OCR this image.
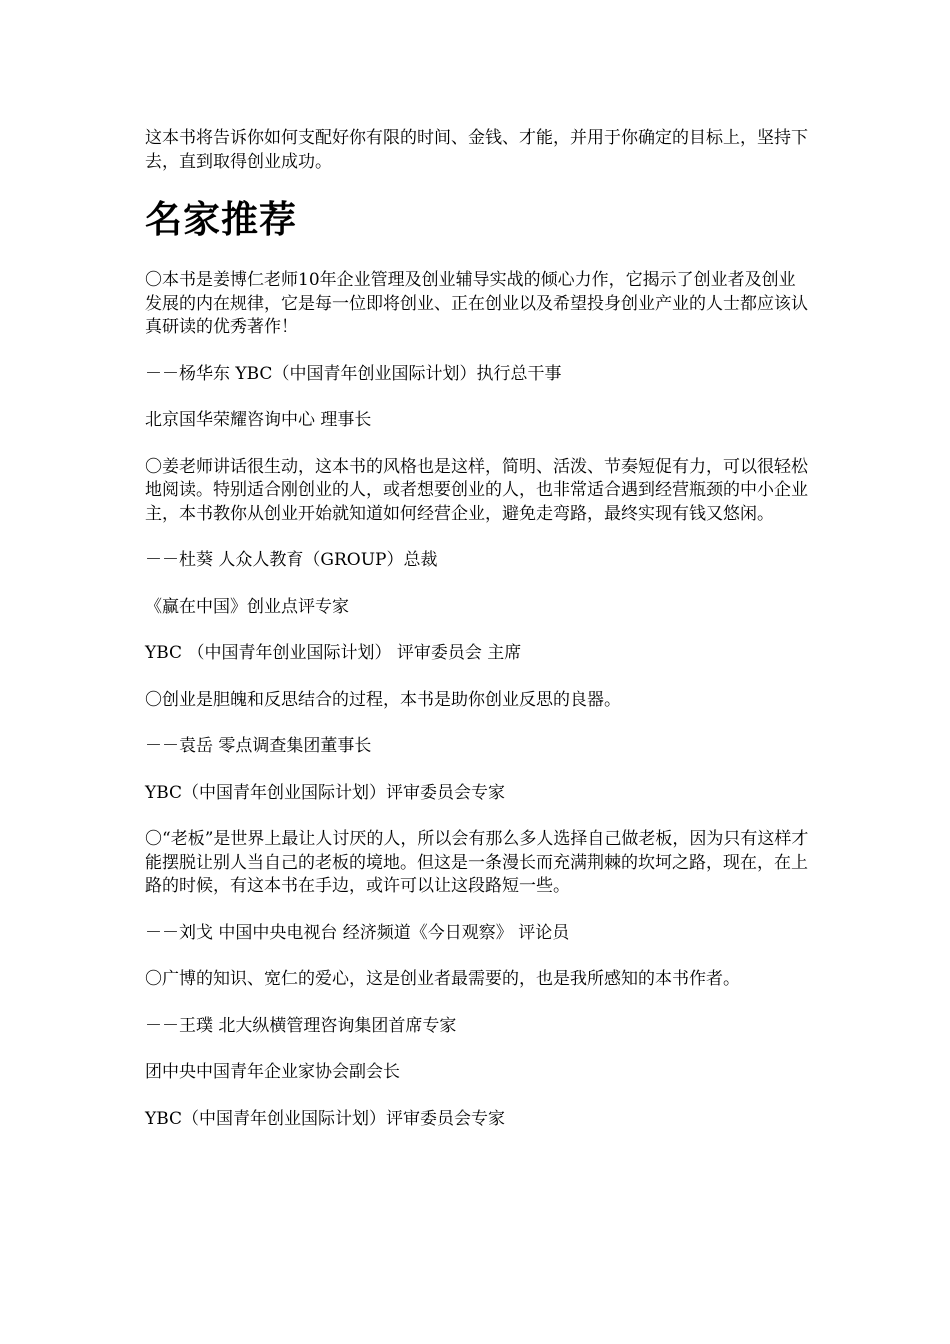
这本书将告诉你如何支配好你有限的时间、金钱、才能，并用于你确定的目标上，坚持下去，直到取得创业成功。

名家推荐

〇本书是姜博仁老师10年企业管理及创业辅导实战的倾心力作，它揭示了创业者及创业发展的内在规律，它是每一位即将创业、正在创业以及希望投身创业产业的人士都应该认真研读的优秀著作！

－－杨华东 YBC（中国青年创业国际计划）执行总干事

北京国华荣耀咨询中心 理事长

〇姜老师讲话很生动，这本书的风格也是这样，简明、活泼、节奏短促有力，可以很轻松地阅读。特别适合刚创业的人，或者想要创业的人，也非常适合遇到经营瓶颈的中小企业主，本书教你从创业开始就知道如何经营企业，避免走弯路，最终实现有钱又悠闲。

－－杜葵 人众人教育（GROUP）总裁

《赢在中国》创业点评专家

YBC （中国青年创业国际计划） 评审委员会 主席

〇创业是胆魄和反思结合的过程，本书是助你创业反思的良器。

－－袁岳 零点调查集团董事长

YBC（中国青年创业国际计划）评审委员会专家

〇“老板”是世界上最让人讨厌的人，所以会有那么多人选择自己做老板，因为只有这样才能摆脱让别人当自己的老板的境地。但这是一条漫长而充满荆棘的坎坷之路，现在，在上路的时候，有这本书在手边，或许可以让这段路短一些。

－－刘戈 中国中央电视台 经济频道《今日观察》 评论员

〇广博的知识、宽仁的爱心，这是创业者最需要的，也是我所感知的本书作者。

－－王璞 北大纵横管理咨询集团首席专家

团中央中国青年企业家协会副会长

YBC（中国青年创业国际计划）评审委员会专家
